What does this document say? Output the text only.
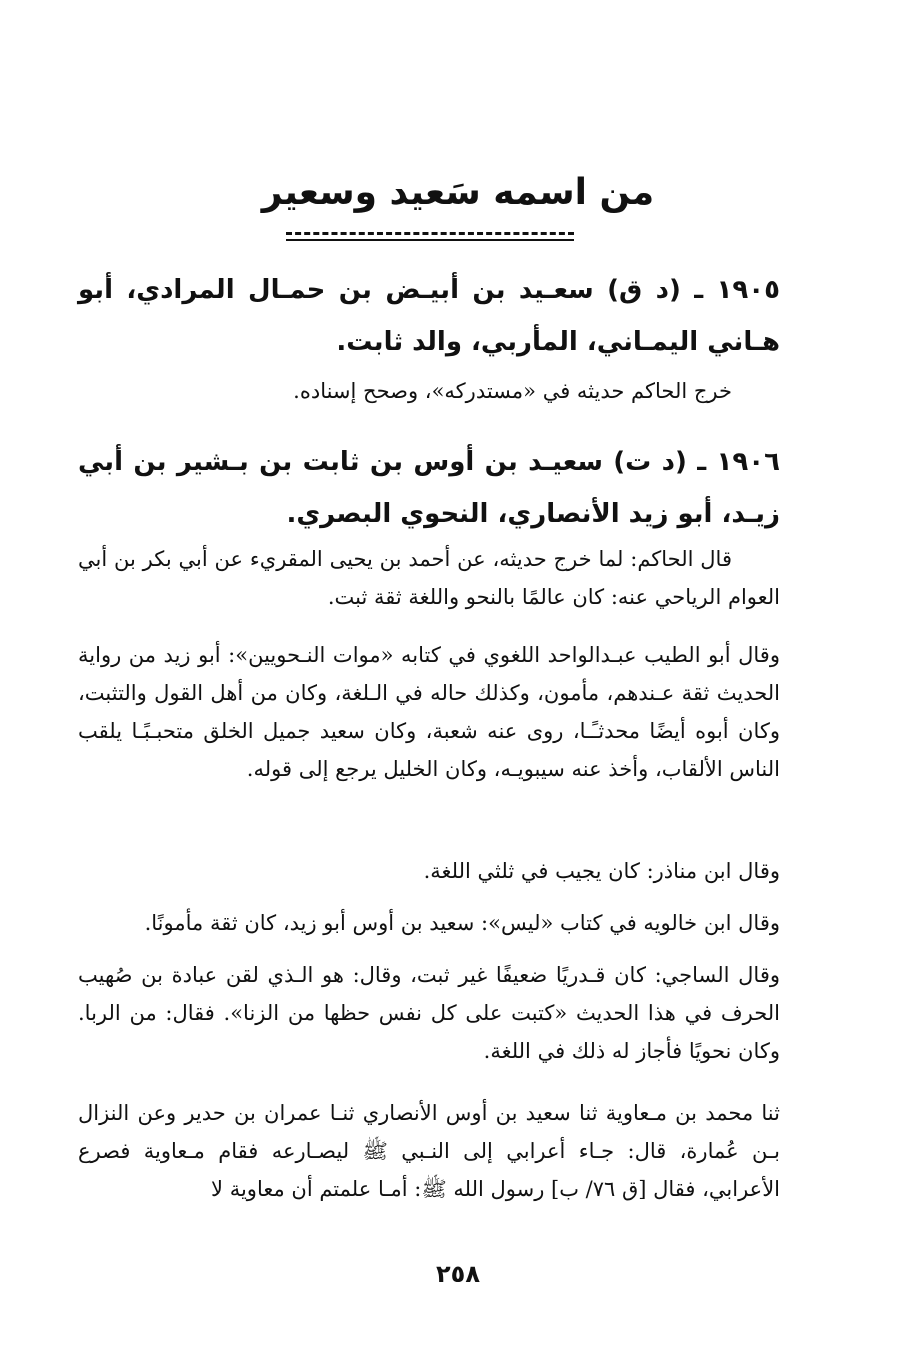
من اسمه سَعيد وسعير
١٩٠٥ ـ (د ق) سعـيد بن أبيـض بن حمـال المرادي، أبو هـاني اليمـاني، المأربي، والد ثابت.
خرج الحاكم حديثه في «مستدركه»، وصحح إسناده.
١٩٠٦ ـ (د ت) سعيـد بن أوس بن ثابت بن بـشير بن أبي زيـد، أبو زيد الأنصاري، النحوي البصري.
قال الحاكم: لما خرج حديثه، عن أحمد بن يحيى المقريء عن أبي بكر بن أبي العوام الرياحي عنه: كان عالمًا بالنحو واللغة ثقة ثبت.
وقال أبو الطيب عبـدالواحد اللغوي في كتابه «موات النـحويين»: أبو زيد من رواية الحديث ثقة عـندهم، مأمون، وكذلك حاله في الـلغة، وكان من أهل القول والتثبت، وكان أبوه أيضًا محدثـًـا، روى عنه شعبة، وكان سعيد جميل الخلق متحبـبًـا يلقب الناس الألقاب، وأخذ عنه سيبويـه، وكان الخليل يرجع إلى قوله.
وقال ابن مناذر: كان يجيب في ثلثي اللغة.
وقال ابن خالويه في كتاب «ليس»: سعيد بن أوس أبو زيد، كان ثقة مأمونًا.
وقال الساجي: كان قـدريًا ضعيفًا غير ثبت، وقال: هو الـذي لقن عبادة بن صُهيب الحرف في هذا الحديث «كتبت على كل نفس حظها من الزنا». فقال: من الربا. وكان نحويًا فأجاز له ذلك في اللغة.
ثنا محمد بن مـعاوية ثنا سعيد بن أوس الأنصاري ثنـا عمران بن حدير وعن النزال بـن عُمارة، قال: جـاء أعرابي إلى النـبي ﷺ ليصـارعه فقام مـعاوية فصرع الأعرابي، فقال [ق ٧٦/ ب] رسول الله ﷺ: أمـا علمتم أن معاوية لا
٢٥٨
